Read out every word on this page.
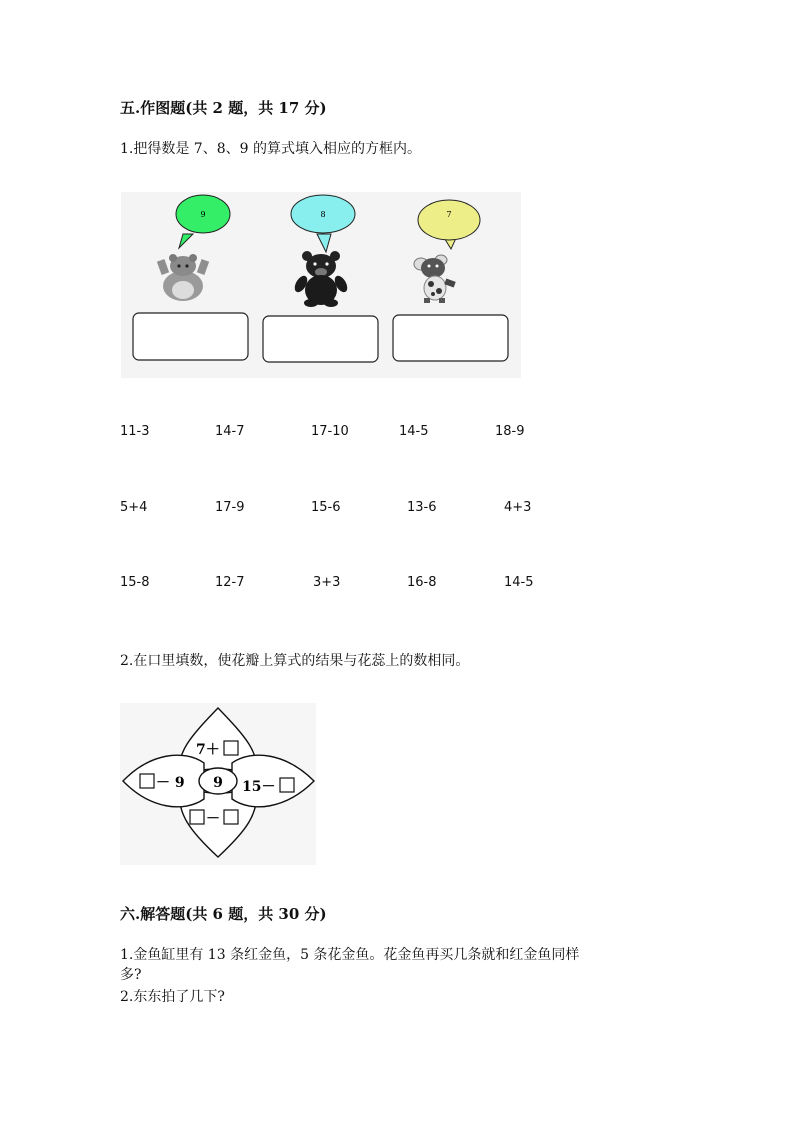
五.作图题(共 2 题，共 17 分)
1.把得数是 7、8、9 的算式填入相应的方框内。
9	8	7
11-3	14-7	17-10	14-5	18-9
5+4	17-9	15-6	13-6	4+3
15-8	12-7	3+3	16-8	14-5
2.在口里填数，使花瓣上算式的结果与花蕊上的数相同。
9
7＋
－ 9	15－
－
六.解答题(共 6 题，共 30 分)
1.金鱼缸里有 13 条红金鱼，5 条花金鱼。花金鱼再买几条就和红金鱼同样
多?
2.东东拍了几下?
